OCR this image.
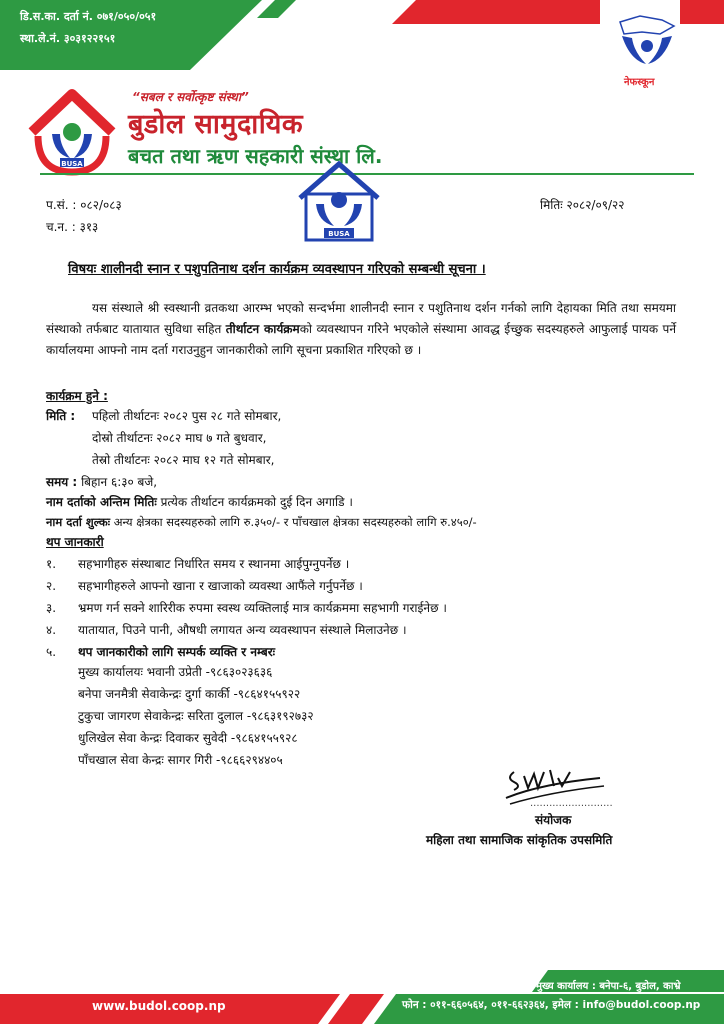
डि.स.का. दर्ता नं. ०७१/०५०/०५१
स्था.ले.नं. ३०३१२२१५१
नेफस्कून
BUSA
“सबल र सर्वोत्कृष्ट संस्था”
बुडोल सामुदायिक
बचत तथा ऋण सहकारी संस्था लि.
BUSA
प.सं. : ०८२/०८३
च.न. : ३१३
मितिः २०८२/०९/२२
विषयः शालीनदी स्नान र पशुपतिनाथ दर्शन कार्यक्रम व्यवस्थापन गरिएको सम्बन्धी सूचना ।
यस संस्थाले श्री स्वस्थानी व्रतकथा आरम्भ भएको सन्दर्भमा शालीनदी स्नान र पशुतिनाथ दर्शन गर्नको लागि देहायका मिति तथा समयमा संस्थाको तर्फबाट यातायात सुविधा सहित तीर्थाटन कार्यक्रमको व्यवस्थापन गरिने भएकोले संस्थामा आवद्ध ईच्छुक सदस्यहरुले आफुलाई पायक पर्ने कार्यालयमा आफ्नो नाम दर्ता गराउनुहुन जानकारीको लागि सूचना प्रकाशित गरिएको छ ।
कार्यक्रम हुने :
मिति : पहिलो तीर्थाटनः २०८२ पुस २८ गते सोमबार,
दोस्रो तीर्थाटनः २०८२ माघ ७ गते बुधवार,
तेस्रो तीर्थाटनः २०८२ माघ १२ गते सोमबार,
समय : बिहान ६:३० बजे,
नाम दर्ताको अन्तिम मितिः प्रत्येक तीर्थाटन कार्यक्रमको दुई दिन अगाडि ।
नाम दर्ता शुल्कः अन्य क्षेत्रका सदस्यहरुको लागि रु.३५०/- र पाँचखाल क्षेत्रका सदस्यहरुको लागि रु.४५०/-
थप जानकारी
१. सहभागीहरु संस्थाबाट निर्धारित समय र स्थानमा आईपुग्नुपर्नेछ ।
२. सहभागीहरुले आफ्नो खाना र खाजाको व्यवस्था आफैंले गर्नुपर्नेछ ।
३. भ्रमण गर्न सक्ने शारिरीक रुपमा स्वस्थ व्यक्तिलाई मात्र कार्यक्रममा सहभागी गराईनेछ ।
४. यातायात, पिउने पानी, औषधी लगायत अन्य व्यवस्थापन संस्थाले मिलाउनेछ ।
५. थप जानकारीको लागि सम्पर्क व्यक्ति र नम्बरः
मुख्य कार्यालयः भवानी उप्रेती -९८६३०२३६३६
बनेपा जनमैत्री सेवाकेन्द्रः दुर्गा कार्की -९८६४१५५९२२
टुकुचा जागरण सेवाकेन्द्रः सरिता दुलाल -९८६३१९२७३२
धुलिखेल सेवा केन्द्रः दिवाकर सुवेदी -९८६४१५५९२८
पाँचखाल सेवा केन्द्रः सागर गिरी -९८६६२९४४०५
..........................
संयोजक
महिला तथा सामाजिक सांकृतिक उपसमिति
www.budol.coop.np
मुख्य कार्यालय : बनेपा-६, बुडोल, काभ्रे
फोन : ०११-६६०५६४, ०११-६६२३६४, इमेल : info@budol.coop.np
